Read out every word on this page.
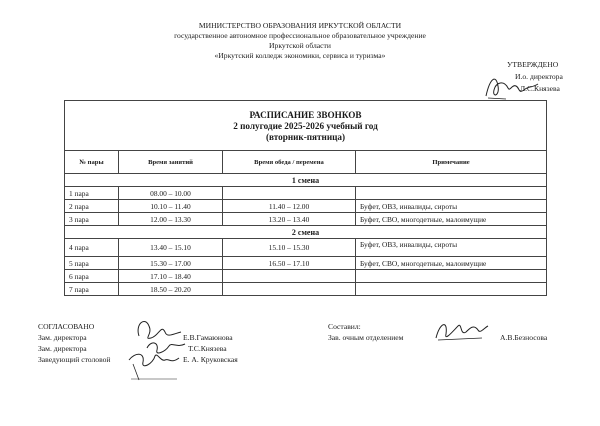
МИНИСТЕРСТВО ОБРАЗОВАНИЯ ИРКУТСКОЙ ОБЛАСТИ
государственное автономное профессиональное образовательное учреждение
Иркутской области
«Иркутский колледж экономики, сервиса и туризма»
УТВЕРЖДЕНО
И.о. директора
Л.С.Князева
РАСПИСАНИЕ ЗВОНКОВ
2 полугодие 2025-2026 учебный год
(вторник-пятница)			

№ пары	Время занятий	Время обеда / перемена	Примечание
1 смена			
1 пара	08.00 – 10.00		
2 пара	10.10 – 11.40	11.40 – 12.00	Буфет, ОВЗ, инвалиды, сироты
3 пара	12.00 – 13.30	13.20 – 13.40	Буфет, СВО, многодетные, малоимущие
2 смена			
4 пара	13.40 – 15.10	15.10 – 15.30	Буфет, ОВЗ, инвалиды, сироты
5 пара	15.30 – 17.00	16.50 – 17.10	Буфет, СВО, многодетные, малоимущие
6 пара	17.10 – 18.40		
7 пара	18.50 – 20.20		
СОГЛАСОВАНО
Зам. директора
Зам. директора
Заведующий столовой
Е.В.Гамаюнова
Т.С.Князева
Е. А. Круковская
Составил:
Зав. очным отделением	А.В.Безносова
